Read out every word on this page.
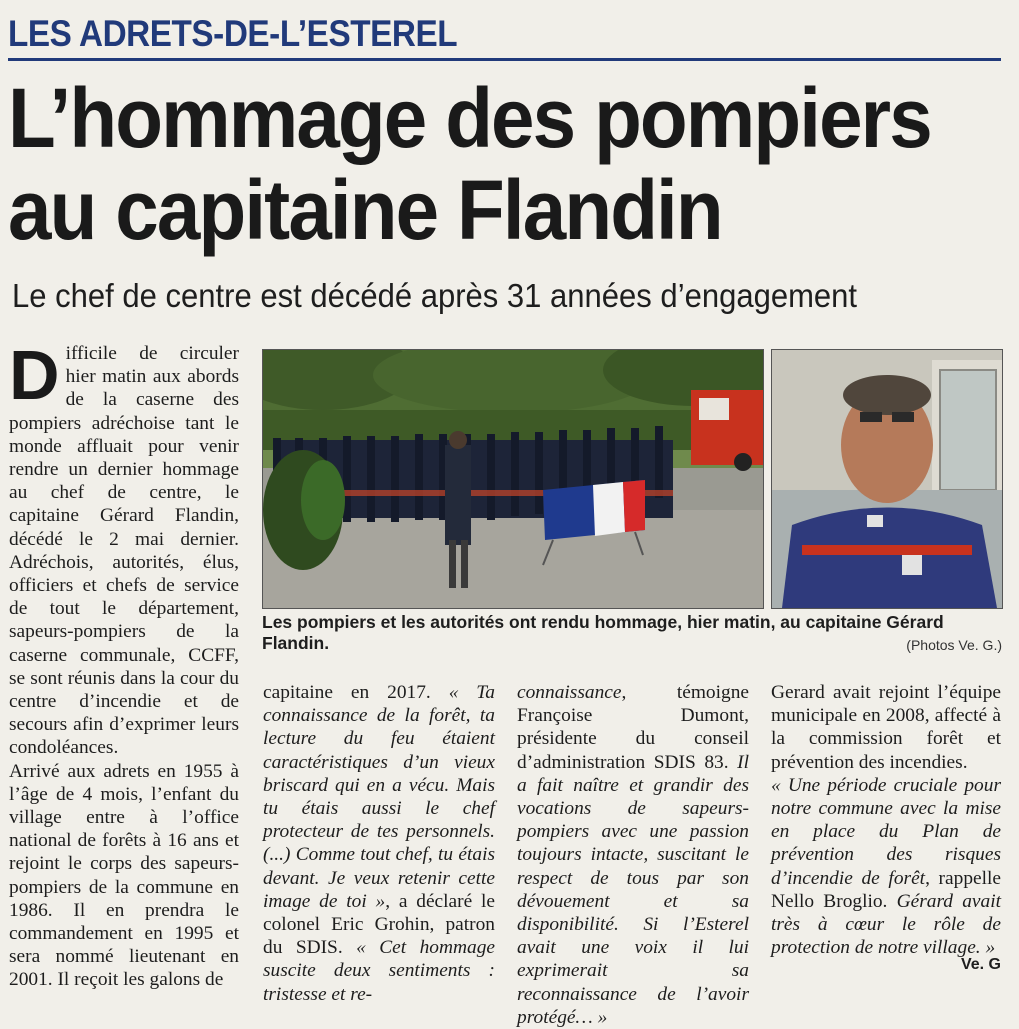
LES ADRETS-DE-L’ESTEREL
L’hommage des pompiers
au capitaine Flandin
Le chef de centre est décédé après 31 années d’engagement

Difficile de circuler hier matin aux abords de la caserne des pompiers adréchoise tant le monde affluait pour venir rendre un dernier hommage au chef de centre, le capitaine Gérard Flandin, décédé le 2 mai dernier. Adréchois, autorités, élus, officiers et chefs de service de tout le département, sapeurs-pompiers de la caserne communale, CCFF, se sont réunis dans la cour du centre d’incendie et de secours afin d’exprimer leurs condoléances.

Arrivé aux adrets en 1955 à l’âge de 4 mois, l’enfant du village entre à l’office national de forêts à 16 ans et rejoint le corps des sapeurs-pompiers de la commune en 1986. Il en prendra le commandement en 1995 et sera nommé lieutenant en 2001. Il reçoit les galons de

Les pompiers et les autorités ont rendu hommage, hier matin, au capitaine Gérard Flandin.	(Photos Ve. G.)

capitaine en 2017. « Ta connaissance de la forêt, ta lecture du feu étaient caractéristiques d’un vieux briscard qui en a vécu. Mais tu étais aussi le chef protecteur de tes personnels. (...) Comme tout chef, tu étais devant. Je veux retenir cette image de toi », a déclaré le colonel Eric Grohin, patron du SDIS. « Cet hommage suscite deux sentiments : tristesse et re-

connaissance, témoigne Françoise Dumont, présidente du conseil d’administration SDIS 83. Il a fait naître et grandir des vocations de sapeurs-pompiers avec une passion toujours intacte, suscitant le respect de tous par son dévouement et sa disponibilité. Si l’Esterel avait une voix il lui exprimerait sa reconnaissance de l’avoir protégé… »

Gerard avait rejoint l’équipe municipale en 2008, affecté à la commission forêt et prévention des incendies.

« Une période cruciale pour notre commune avec la mise en place du Plan de prévention des risques d’incendie de forêt, rappelle Nello Broglio. Gérard avait très à cœur le rôle de protection de notre village. »

Ve. G
